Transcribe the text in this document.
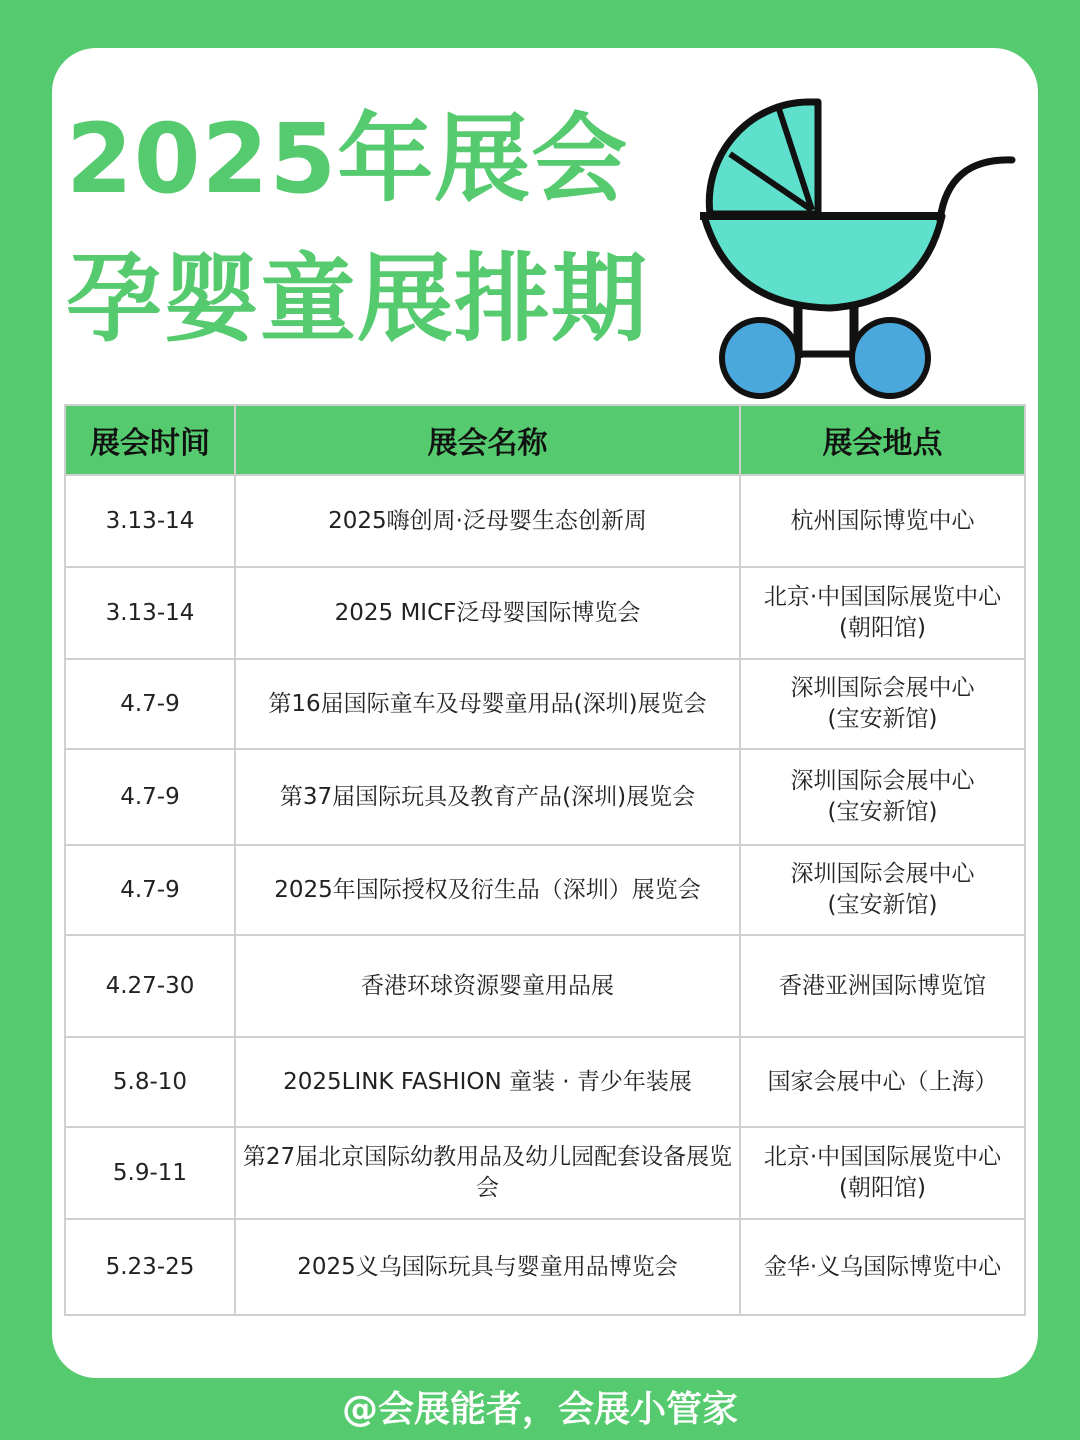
2025年展会
孕婴童展排期
展会时间	展会名称	展会地点
3.13-14	2025嗨创周·泛母婴生态创新周	杭州国际博览中心

3.13-14	2025 MICF泛母婴国际博览会	北京·中国国际展览中心
(朝阳馆)

4.7-9	第16届国际童车及母婴童用品(深圳)展览会	深圳国际会展中心
(宝安新馆)

4.7-9	第37届国际玩具及教育产品(深圳)展览会	深圳国际会展中心
(宝安新馆)

4.7-9	2025年国际授权及衍生品（深圳）展览会	深圳国际会展中心
(宝安新馆)

4.27-30	香港环球资源婴童用品展	香港亚洲国际博览馆

5.8-10	2025LINK FASHION 童装 · 青少年装展	国家会展中心（上海）

5.9-11	第27届北京国际幼教用品及幼儿园配套设备展览会	北京·中国国际展览中心
(朝阳馆)

5.23-25	2025义乌国际玩具与婴童用品博览会	金华·义乌国际博览中心
@会展能者，会展小管家
